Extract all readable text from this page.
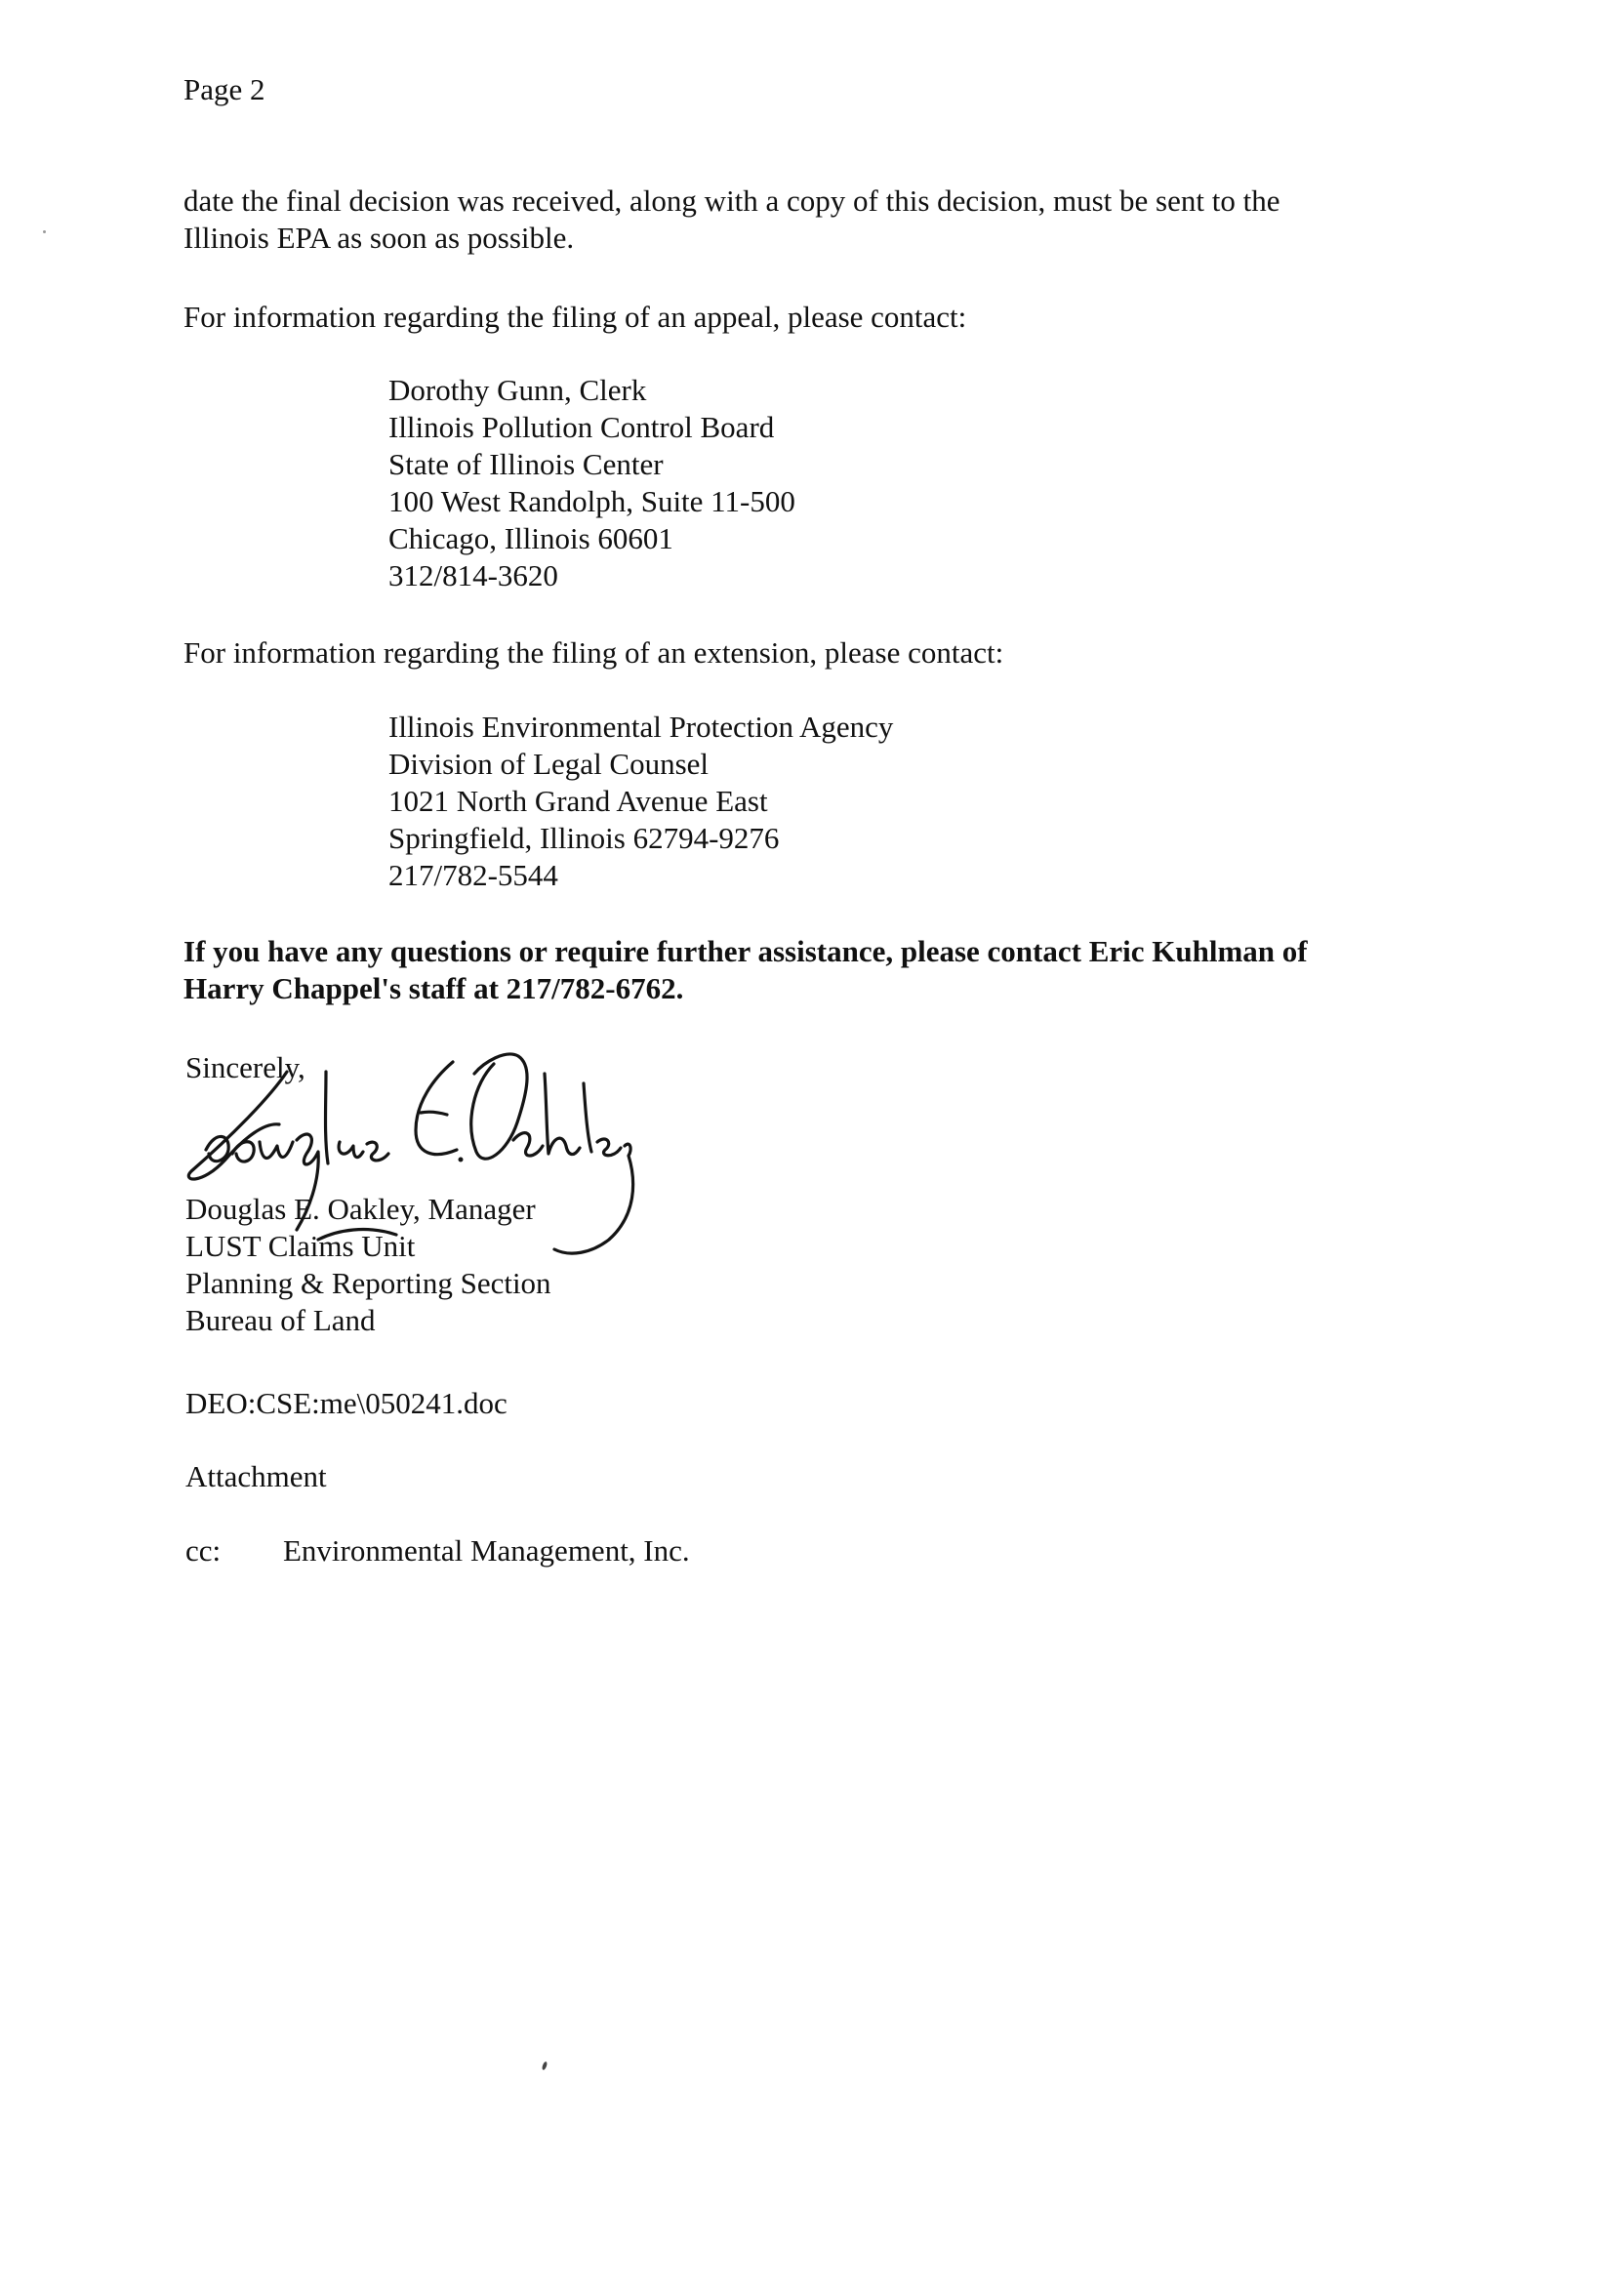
Page 2
date the final decision was received, along with a copy of this decision, must be sent to the
Illinois EPA as soon as possible.
For information regarding the filing of an appeal, please contact:
Dorothy Gunn, Clerk
Illinois Pollution Control Board
State of Illinois Center
100 West Randolph, Suite 11-500
Chicago, Illinois 60601
312/814-3620
For information regarding the filing of an extension, please contact:
Illinois Environmental Protection Agency
Division of Legal Counsel
1021 North Grand Avenue East
Springfield, Illinois 62794-9276
217/782-5544
If you have any questions or require further assistance, please contact Eric Kuhlman of
Harry Chappel's staff at 217/782-6762.
Sincerely,
Douglas E. Oakley, Manager
LUST Claims Unit
Planning & Reporting Section
Bureau of Land
DEO:CSE:me\050241.doc
Attachment
cc: Environmental Management, Inc.
